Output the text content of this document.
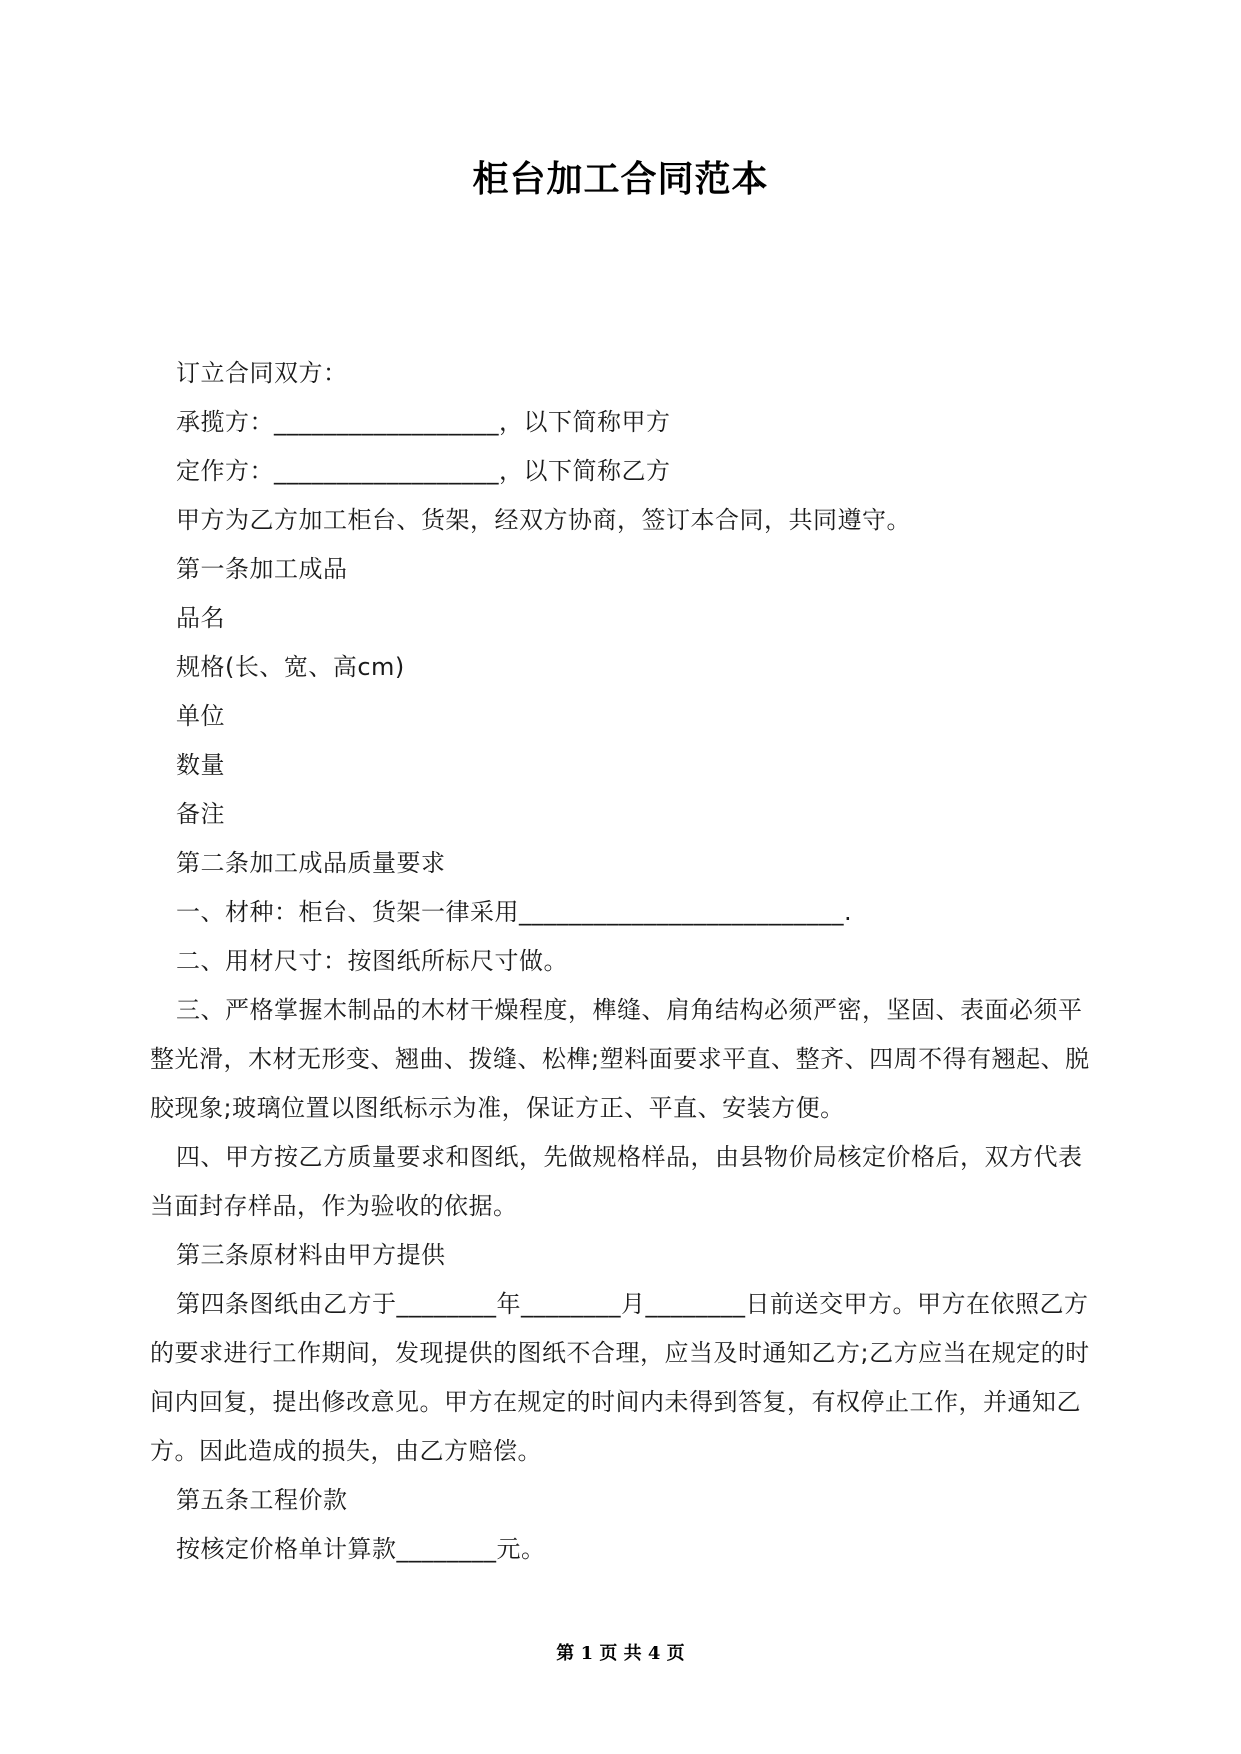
柜台加工合同范本

订立合同双方：

承揽方：__________________，以下简称甲方

定作方：__________________，以下简称乙方

甲方为乙方加工柜台、货架，经双方协商，签订本合同，共同遵守。

第一条加工成品

品名

规格(长、宽、高cm)

单位

数量

备注

第二条加工成品质量要求

一、材种：柜台、货架一律采用__________________________.

二、用材尺寸：按图纸所标尺寸做。

三、严格掌握木制品的木材干燥程度，榫缝、肩角结构必须严密，坚固、表面必须平整光滑，木材无形变、翘曲、拨缝、松榫;塑料面要求平直、整齐、四周不得有翘起、脱胶现象;玻璃位置以图纸标示为准，保证方正、平直、安装方便。

四、甲方按乙方质量要求和图纸，先做规格样品，由县物价局核定价格后，双方代表当面封存样品，作为验收的依据。

第三条原材料由甲方提供

第四条图纸由乙方于________年________月________日前送交甲方。甲方在依照乙方的要求进行工作期间，发现提供的图纸不合理，应当及时通知乙方;乙方应当在规定的时间内回复，提出修改意见。甲方在规定的时间内未得到答复，有权停止工作，并通知乙方。因此造成的损失，由乙方赔偿。

第五条工程价款

按核定价格单计算款________元。

第 1 页 共 4 页
